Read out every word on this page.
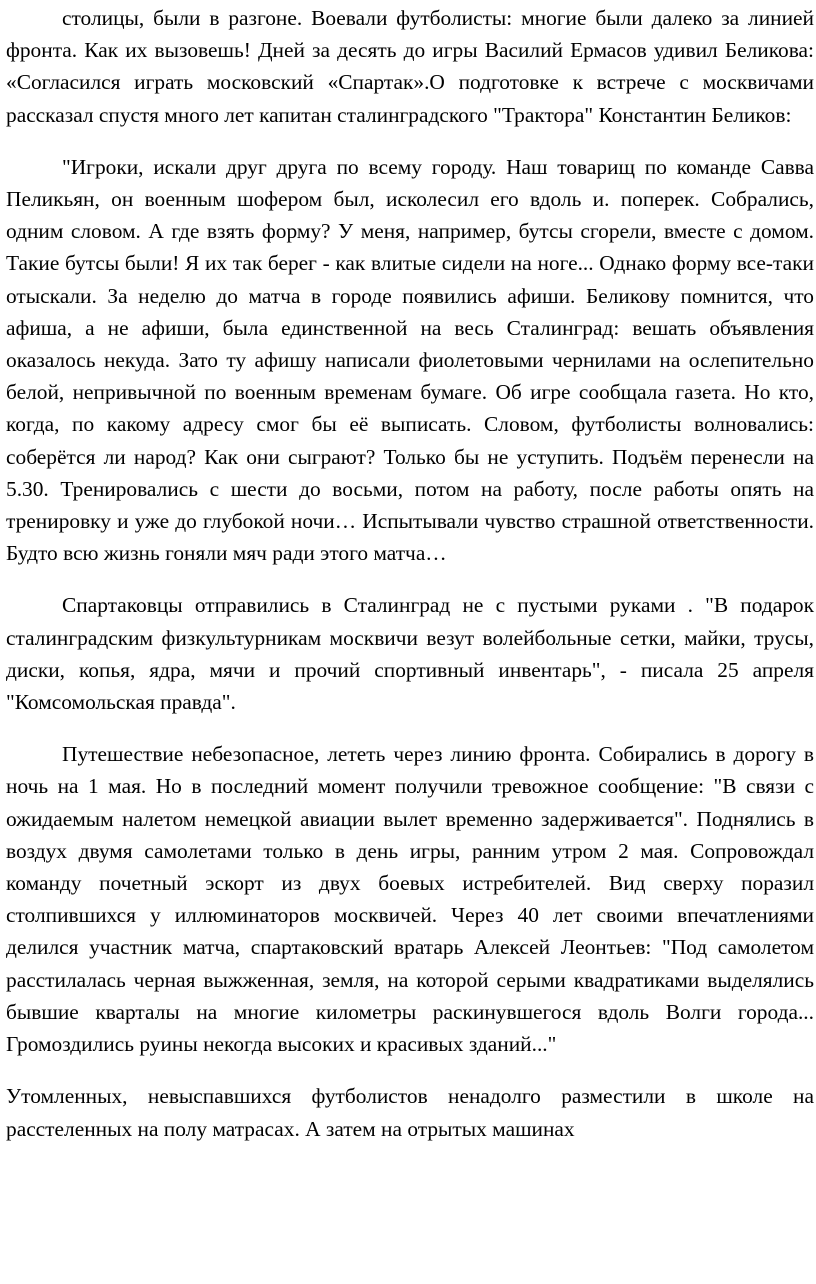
столицы, были в разгоне. Воевали футболисты: многие были далеко за линией фронта. Как их вызовешь! Дней за десять до игры Василий Ермасов удивил Беликова: «Согласился играть московский «Спартак».О подготовке к встрече с москвичами рассказал спустя много лет капитан сталинградского "Трактора" Константин Беликов:

"Игроки, искали друг друга по всему городу. Наш товарищ по команде Савва Пеликьян, он военным шофером был, исколесил его вдоль и. поперек. Собрались, одним словом. А где взять форму? У меня, например, бутсы сгорели, вместе с домом. Такие бутсы были! Я их так берег - как влитые сидели на ноге... Однако форму все-таки отыскали. За неделю до матча в городе появились афиши. Беликову помнится, что афиша, а не афиши, была единственной на весь Сталинград: вешать объявления оказалось некуда. Зато ту афишу написали фиолетовыми чернилами на ослепительно белой, непривычной по военным временам бумаге. Об игре сообщала газета. Но кто, когда, по какому адресу смог бы её выписать. Словом, футболисты волновались: соберётся ли народ? Как они сыграют? Только бы не уступить. Подъём перенесли на 5.30. Тренировались с шести до восьми, потом на работу, после работы опять на тренировку и уже до глубокой ночи… Испытывали чувство страшной ответственности. Будто всю жизнь гоняли мяч ради этого матча…

Спартаковцы отправились в Сталинград не с пустыми руками . "В подарок сталинградским физкультурникам москвичи везут волейбольные сетки, майки, трусы, диски, копья, ядра, мячи и прочий спортивный инвентарь", - писала 25 апреля "Комсомольская правда".

Путешествие небезопасное, лететь через линию фронта. Собирались в дорогу в ночь на 1 мая. Но в последний момент получили тревожное сообщение: "В связи с ожидаемым налетом немецкой авиации вылет временно задерживается". Поднялись в воздух двумя самолетами только в день игры, ранним утром 2 мая. Сопровождал команду почетный эскорт из двух боевых истребителей. Вид сверху поразил столпившихся у иллюминаторов москвичей. Через 40 лет своими впечатлениями делился участник матча, спартаковский вратарь Алексей Леонтьев: "Под самолетом расстилалась черная выжженная, земля, на которой серыми квадратиками выделялись бывшие кварталы на многие километры раскинувшегося вдоль Волги города... Громоздились руины некогда высоких и красивых зданий..."

Утомленных, невыспавшихся футболистов ненадолго разместили в школе на расстеленных на полу матрасах. А затем на отрытых машинах
